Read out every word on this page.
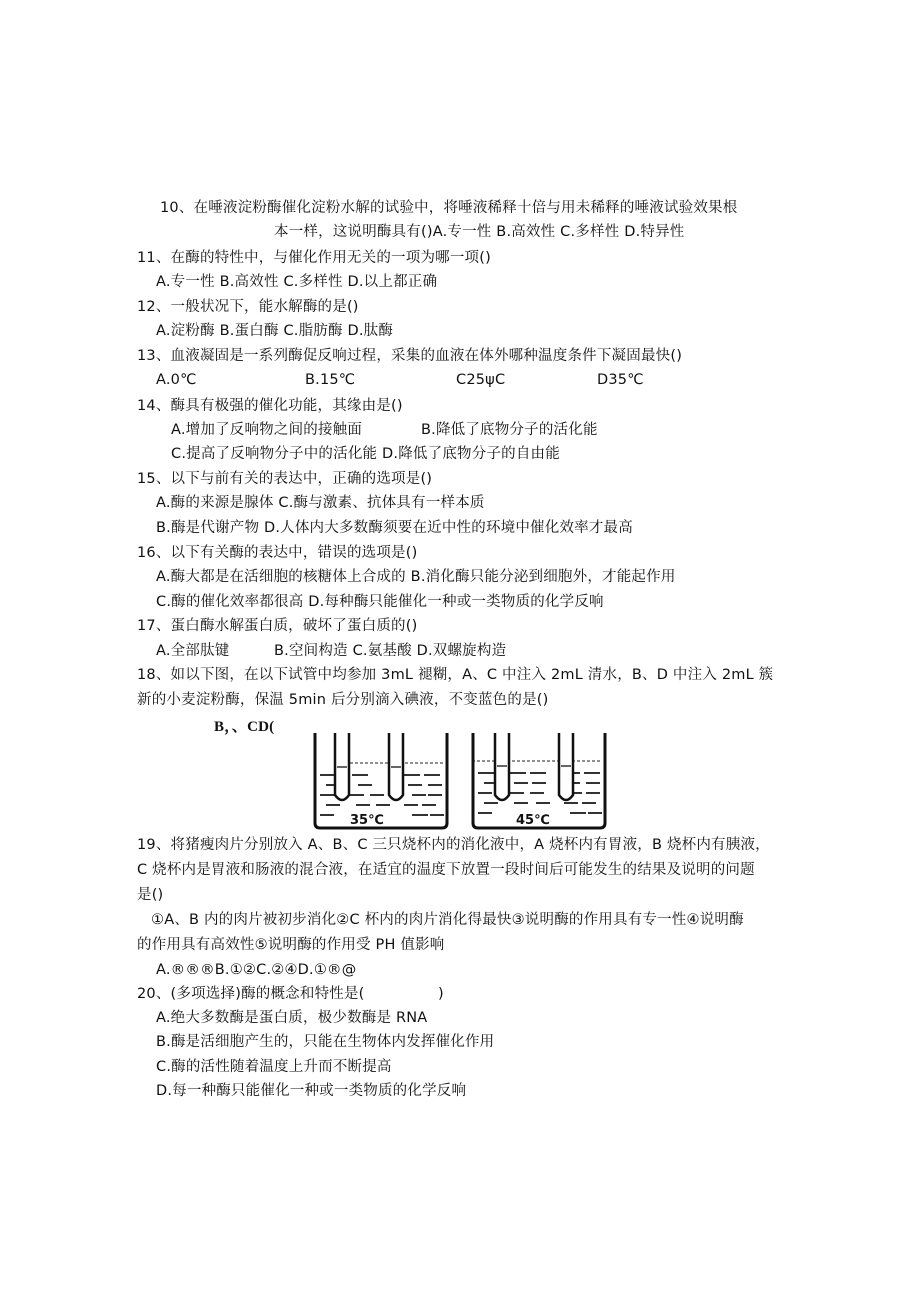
10、在唾液淀粉酶催化淀粉水解的试验中，将唾液稀释十倍与用未稀释的唾液试验效果根
本一样，这说明酶具有()A.专一性 B.高效性 C.多样性 D.特异性
11、在酶的特性中，与催化作用无关的一项为哪一项()
A.专一性 B.高效性 C.多样性 D.以上都正确
12、一般状况下，能水解酶的是()
A.淀粉酶 B.蛋白酶 C.脂肪酶 D.肽酶
13、血液凝固是一系列酶促反响过程，采集的血液在体外哪种温度条件下凝固最快()
A.0℃	B.15℃	C25ψC	D35℃
14、酶具有极强的催化功能，其缘由是()
A.增加了反响物之间的接触面	B.降低了底物分子的活化能
C.提高了反响物分子中的活化能 D.降低了底物分子的自由能
15、以下与前有关的表达中，正确的选项是()
A.酶的来源是腺体 C.酶与激素、抗体具有一样本质
B.酶是代谢产物 D.人体内大多数酶须要在近中性的环境中催化效率才最高
16、以下有关酶的表达中，错误的选项是()
A.酶大都是在活细胞的核糖体上合成的 B.消化酶只能分泌到细胞外，才能起作用
C.酶的催化效率都很高 D.每种酶只能催化一种或一类物质的化学反响
17、蛋白酶水解蛋白质，破坏了蛋白质的()
A.全部肽键	B.空间构造 C.氨基酸 D.双螺旋构造
18、如以下图，在以下试管中均参加 3mL 褪糊，A、C 中注入 2mL 清水，B、D 中注入 2mL 簇
新的小麦淀粉酶，保温 5min 后分别滴入碘液，不变蓝色的是()
B，、CD(
35℃	45℃
19、将猪瘦肉片分别放入 A、B、C 三只烧杯内的消化液中，A 烧杯内有胃液，B 烧杯内有胰液，
C 烧杯内是胃液和肠液的混合液，在适宜的温度下放置一段时间后可能发生的结果及说明的问题
是()
①A、B 内的肉片被初步消化②C 杯内的肉片消化得最快③说明酶的作用具有专一性④说明酶
的作用具有高效性⑤说明酶的作用受 PH 值影响
A.®®®B.①②C.②④D.①®@
20、(多项选择)酶的概念和特性是(　　　　　)
A.绝大多数酶是蛋白质，极少数酶是 RNA
B.酶是活细胞产生的，只能在生物体内发挥催化作用
C.酶的活性随着温度上升而不断提高
D.每一种酶只能催化一种或一类物质的化学反响
